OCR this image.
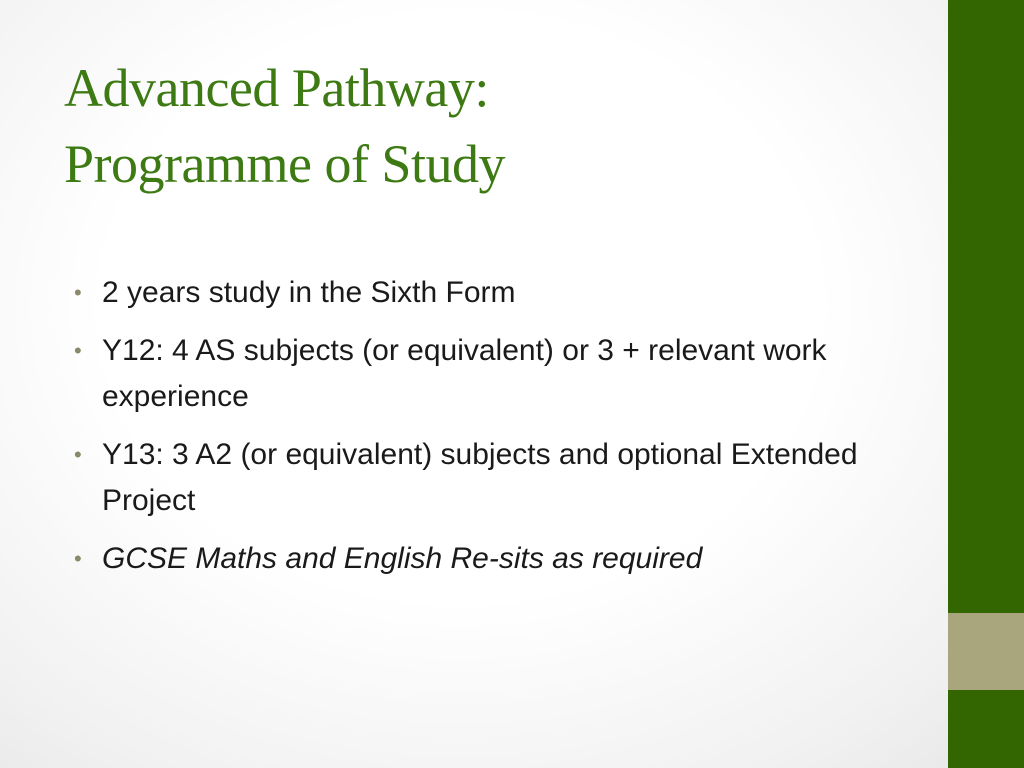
Advanced Pathway:
Programme of Study
• 2 years study in the Sixth Form
• Y12: 4 AS subjects (or equivalent) or 3 + relevant work experience
• Y13: 3 A2 (or equivalent) subjects and optional Extended Project
• GCSE Maths and English Re-sits as required
